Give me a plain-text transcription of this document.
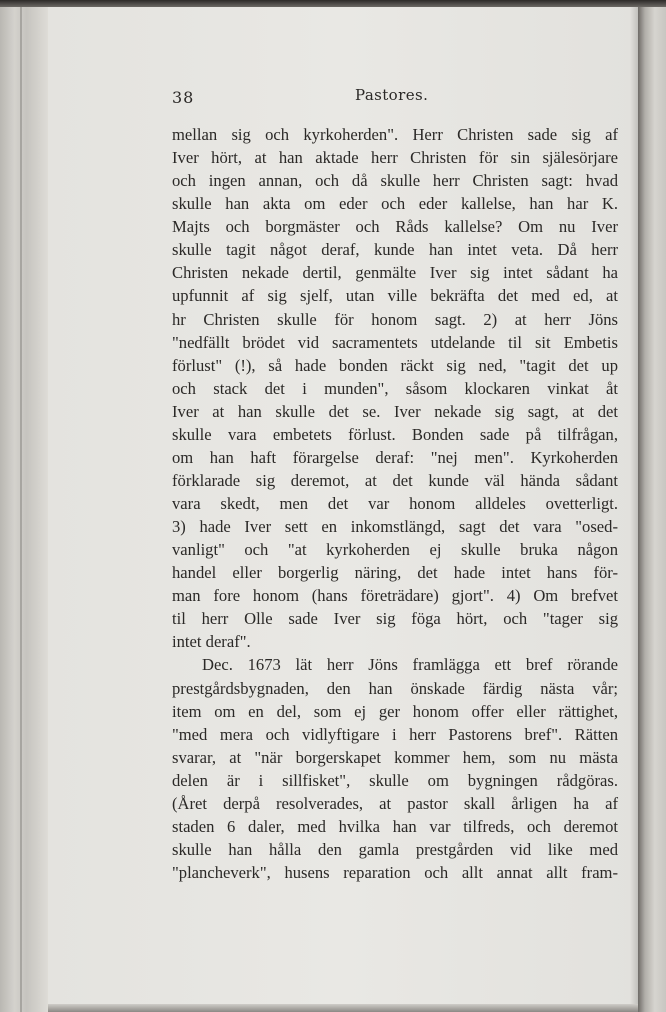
38	Pastores.
mellan sig och kyrkoherden". Herr Christen sade sig af
Iver hört, at han aktade herr Christen för sin själesörjare
och ingen annan, och då skulle herr Christen sagt: hvad
skulle han akta om eder och eder kallelse, han har K.
Majts och borgmäster och Råds kallelse? Om nu Iver
skulle tagit något deraf, kunde han intet veta. Då herr
Christen nekade dertil, genmälte Iver sig intet sådant ha
upfunnit af sig sjelf, utan ville bekräfta det med ed, at
hr Christen skulle för honom sagt. 2) at herr Jöns
"nedfällt brödet vid sacramentets utdelande til sit Embetis
förlust" (!), så hade bonden räckt sig ned, "tagit det up
och stack det i munden", såsom klockaren vinkat åt
Iver at han skulle det se. Iver nekade sig sagt, at det
skulle vara embetets förlust. Bonden sade på tilfrågan,
om han haft förargelse deraf: "nej men". Kyrkoherden
förklarade sig deremot, at det kunde väl hända sådant
vara skedt, men det var honom alldeles ovetterligt.
3) hade Iver sett en inkomstlängd, sagt det vara "osed-
vanligt" och "at kyrkoherden ej skulle bruka någon
handel eller borgerlig näring, det hade intet hans för-
man fore honom (hans företrädare) gjort". 4) Om brefvet
til herr Olle sade Iver sig föga hört, och "tager sig
intet deraf".
Dec. 1673 lät herr Jöns framlägga ett bref rörande
prestgårdsbygnaden, den han önskade färdig nästa vår;
item om en del, som ej ger honom offer eller rättighet,
"med mera och vidlyftigare i herr Pastorens bref". Rätten
svarar, at "när borgerskapet kommer hem, som nu mästa
delen är i sillfisket", skulle om bygningen rådgöras.
(Året derpå resolverades, at pastor skall årligen ha af
staden 6 daler, med hvilka han var tilfreds, och deremot
skulle han hålla den gamla prestgården vid like med
"plancheverk", husens reparation och allt annat allt fram-
